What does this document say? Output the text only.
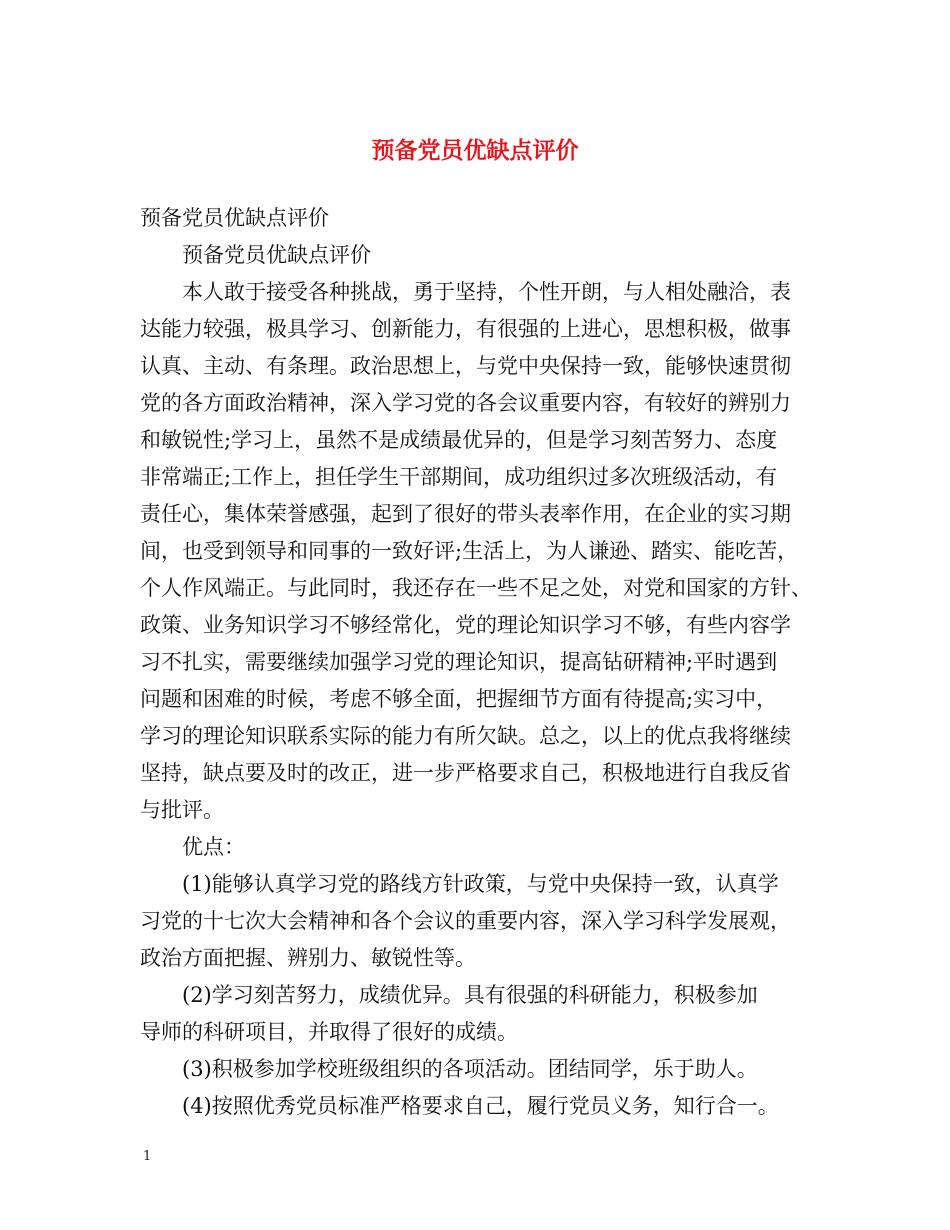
预备党员优缺点评价
预备党员优缺点评价
　　预备党员优缺点评价
　　本人敢于接受各种挑战，勇于坚持，个性开朗，与人相处融洽，表
达能力较强，极具学习、创新能力，有很强的上进心，思想积极，做事
认真、主动、有条理。政治思想上，与党中央保持一致，能够快速贯彻
党的各方面政治精神，深入学习党的各会议重要内容，有较好的辨别力
和敏锐性;学习上，虽然不是成绩最优异的，但是学习刻苦努力、态度
非常端正;工作上，担任学生干部期间，成功组织过多次班级活动，有
责任心，集体荣誉感强，起到了很好的带头表率作用，在企业的实习期
间，也受到领导和同事的一致好评;生活上，为人谦逊、踏实、能吃苦，
个人作风端正。与此同时，我还存在一些不足之处，对党和国家的方针、
政策、业务知识学习不够经常化，党的理论知识学习不够，有些内容学
习不扎实，需要继续加强学习党的理论知识，提高钻研精神;平时遇到
问题和困难的时候，考虑不够全面，把握细节方面有待提高;实习中，
学习的理论知识联系实际的能力有所欠缺。总之，以上的优点我将继续
坚持，缺点要及时的改正，进一步严格要求自己，积极地进行自我反省
与批评。
　　优点：
　　(1)能够认真学习党的路线方针政策，与党中央保持一致，认真学
习党的十七次大会精神和各个会议的重要内容，深入学习科学发展观，
政治方面把握、辨别力、敏锐性等。
　　(2)学习刻苦努力，成绩优异。具有很强的科研能力，积极参加
导师的科研项目，并取得了很好的成绩。
　　(3)积极参加学校班级组织的各项活动。团结同学，乐于助人。
　　(4)按照优秀党员标准严格要求自己，履行党员义务，知行合一。
1
